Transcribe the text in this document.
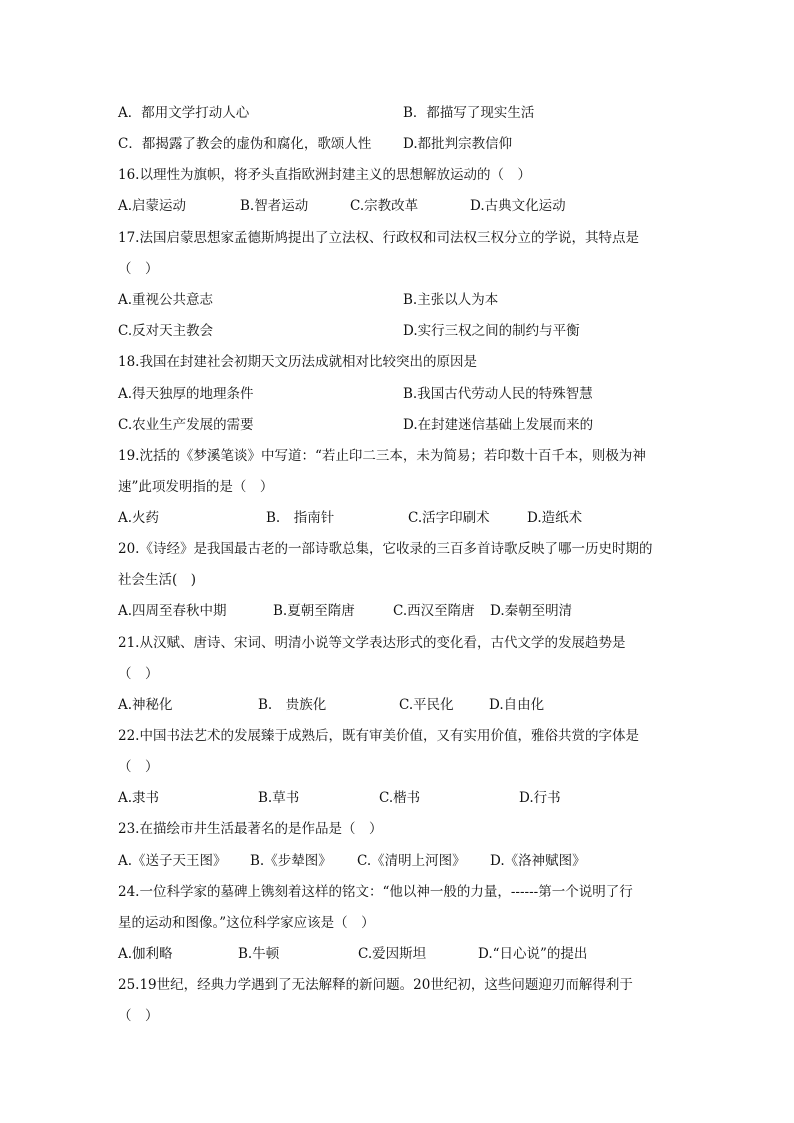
A．都用文学打动人心	B．都描写了现实生活
C．都揭露了教会的虚伪和腐化，歌颂人性 D.都批判宗教信仰
16.以理性为旗帜，将矛头直指欧洲封建主义的思想解放运动的（　）
A.启蒙运动	B.智者运动	C.宗教改革	D.古典文化运动
17.法国启蒙思想家孟德斯鸠提出了立法权、行政权和司法权三权分立的学说，其特点是
（　）
A.重视公共意志	B.主张以人为本
C.反对天主教会	D.实行三权之间的制约与平衡
18.我国在封建社会初期天文历法成就相对比较突出的原因是
A.得天独厚的地理条件	B.我国古代劳动人民的特殊智慧
C.农业生产发展的需要	D.在封建迷信基础上发展而来的
19.沈括的《梦溪笔谈》中写道：“若止印二三本，未为简易；若印数十百千本，则极为神
速”此项发明指的是（　）
A.火药	B.　指南针	C.活字印刷术	D.造纸术
20.《诗经》是我国最古老的一部诗歌总集，它收录的三百多首诗歌反映了哪一历史时期的
社会生活(　)
A.四周至春秋中期	B.夏朝至隋唐	C.西汉至隋唐 D.秦朝至明清
21.从汉赋、唐诗、宋词、明清小说等文学表达形式的变化看，古代文学的发展趋势是
（　）
A.神秘化	B.　贵族化	C.平民化	D.自由化
22.中国书法艺术的发展臻于成熟后，既有审美价值，又有实用价值，雅俗共赏的字体是
（　）
A.隶书	B.草书	C.楷书	D.行书
23.在描绘市井生活最著名的是作品是（　）
A.《送子天王图》 B.《步辇图》 C.《清明上河图》 D.《洛神赋图》
24.一位科学家的墓碑上镌刻着这样的铭文：“他以神一般的力量，------第一个说明了行
星的运动和图像。”这位科学家应该是（　）
A.伽利略	B.牛顿	C.爱因斯坦	D.“日心说”的提出
25.19世纪，经典力学遇到了无法解释的新问题。20世纪初，这些问题迎刃而解得利于
（　）
